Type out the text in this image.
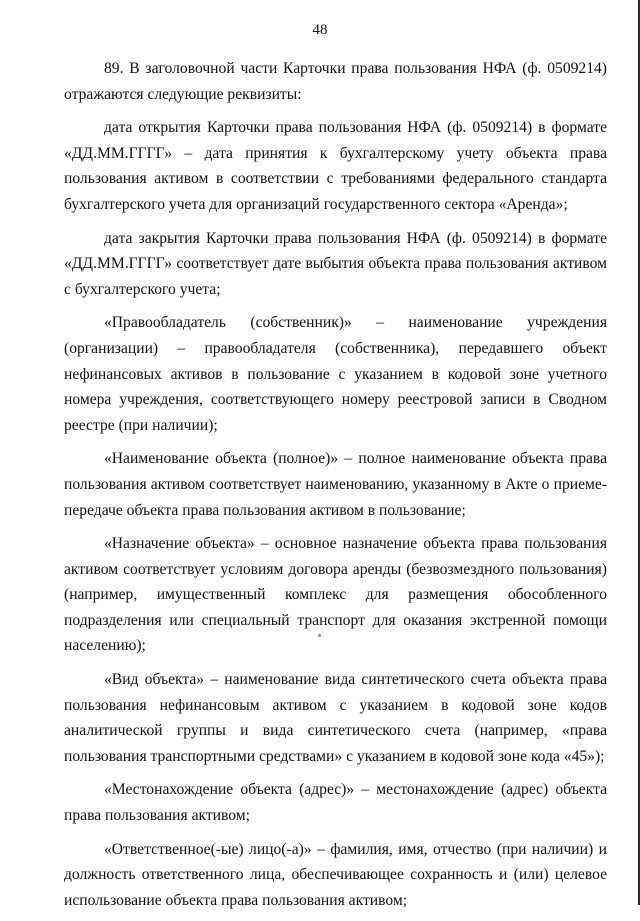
48

89. В заголовочной части Карточки права пользования НФА (ф. 0509214) отражаются следующие реквизиты:

дата открытия Карточки права пользования НФА (ф. 0509214) в формате «ДД.ММ.ГГГГ» – дата принятия к бухгалтерскому учету объекта права пользования активом в соответствии с требованиями федерального стандарта бухгалтерского учета для организаций государственного сектора «Аренда»;

дата закрытия Карточки права пользования НФА (ф. 0509214) в формате «ДД.ММ.ГГГГ» соответствует дате выбытия объекта права пользования активом с бухгалтерского учета;

«Правообладатель (собственник)» – наименование учреждения (организации) – правообладателя (собственника), передавшего объект нефинансовых активов в пользование с указанием в кодовой зоне учетного номера учреждения, соответствующего номеру реестровой записи в Сводном реестре (при наличии);

«Наименование объекта (полное)» – полное наименование объекта права пользования активом соответствует наименованию, указанному в Акте о приеме-передаче объекта права пользования активом в пользование;

«Назначение объекта» – основное назначение объекта права пользования активом соответствует условиям договора аренды (безвозмездного пользования) (например, имущественный комплекс для размещения обособленного подразделения или специальный транспорт для оказания экстренной помощи населению);

«Вид объекта» – наименование вида синтетического счета объекта права пользования нефинансовым активом с указанием в кодовой зоне кодов аналитической группы и вида синтетического счета (например, «права пользования транспортными средствами» с указанием в кодовой зоне кода «45»);

«Местонахождение объекта (адрес)» – местонахождение (адрес) объекта права пользования активом;

«Ответственное(-ые) лицо(-а)» – фамилия, имя, отчество (при наличии) и должность ответственного лица, обеспечивающее сохранность и (или) целевое использование объекта права пользования активом;
